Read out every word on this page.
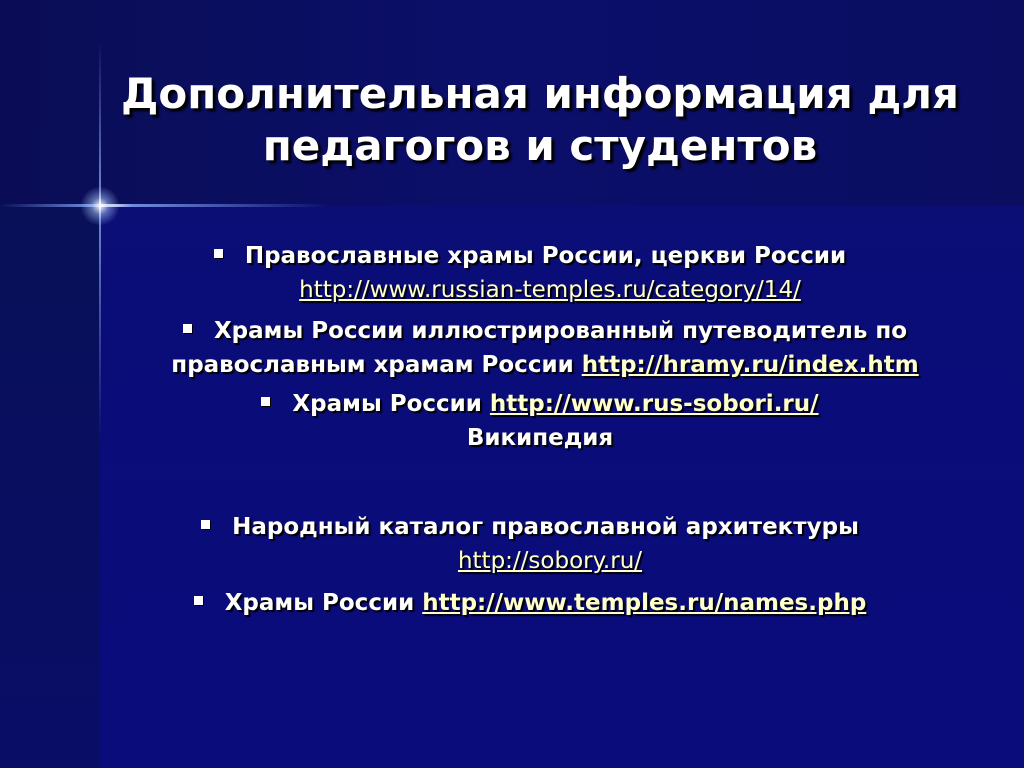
Дополнительная информация для педагогов и студентов
Православные храмы России, церкви России
http://www.russian-temples.ru/category/14/
Храмы России иллюстрированный путеводитель по православным храмам России http://hramy.ru/index.htm
Храмы России http://www.rus-sobori.ru/
Википедия
Народный каталог православной архитектуры
http://sobory.ru/
Храмы России http://www.temples.ru/names.php
